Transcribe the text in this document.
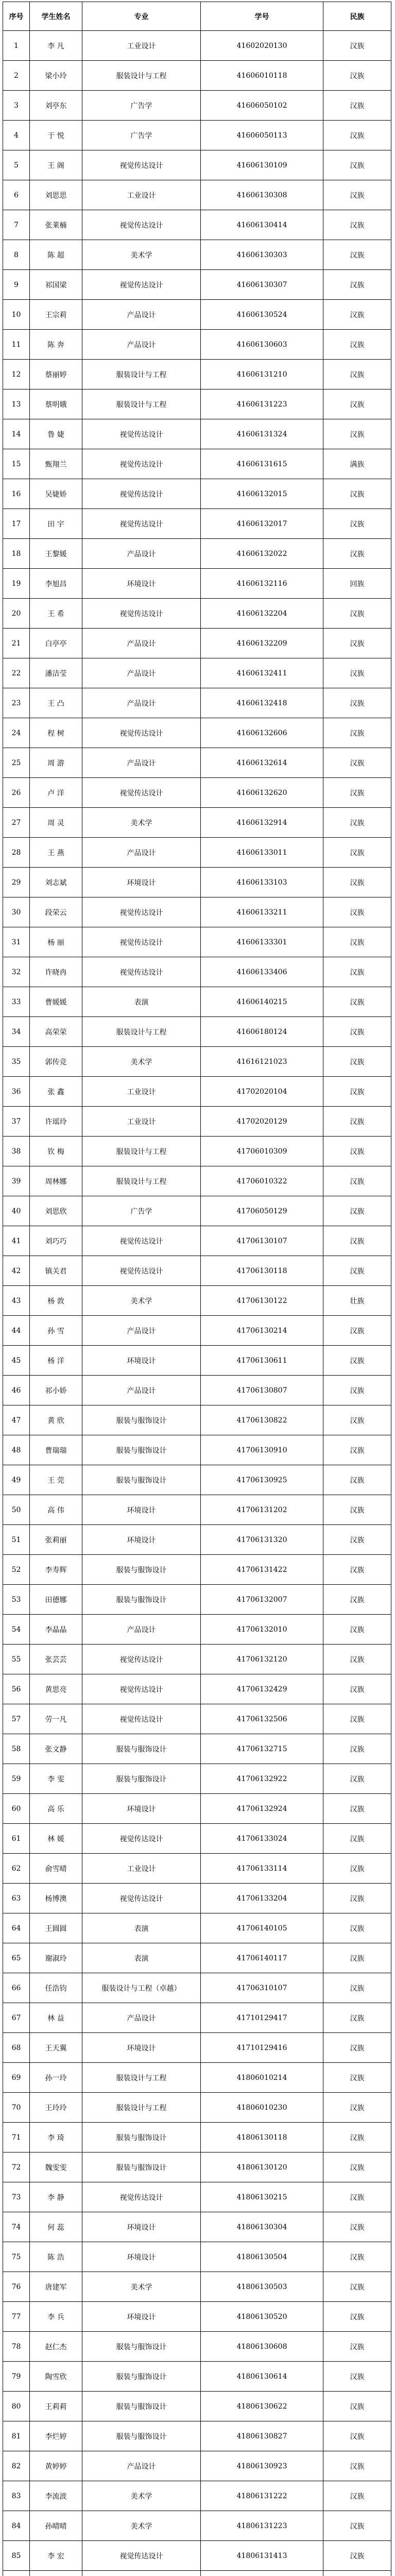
序号	学生姓名	专业	学号	民族
1	李 凡	工业设计	41602020130	汉族
2	梁小玲	服装设计与工程	41606010118	汉族
3	刘亭东	广告学	41606050102	汉族
4	于 悦	广告学	41606050113	汉族
5	王 阁	视觉传达设计	41606130109	汉族
6	刘思思	工业设计	41606130308	汉族
7	张莱楠	视觉传达设计	41606130414	汉族
8	陈 超	美术学	41606130303	汉族
9	祁国梁	视觉传达设计	41606130307	汉族
10	王宗莉	产品设计	41606130524	汉族
11	陈 奔	产品设计	41606130603	汉族
12	蔡丽婷	服装设计与工程	41606131210	汉族
13	蔡明娥	服装设计与工程	41606131223	汉族
14	鲁 婕	视觉传达设计	41606131324	汉族
15	甄翔兰	视觉传达设计	41606131615	满族
16	吴婕娇	视觉传达设计	41606132015	汉族
17	田 宇	视觉传达设计	41606132017	汉族
18	王黎媛	产品设计	41606132022	汉族
19	李旭昌	环境设计	41606132116	回族
20	王 希	视觉传达设计	41606132204	汉族
21	白亭亭	产品设计	41606132209	汉族
22	潘洁莹	产品设计	41606132411	汉族
23	王 凸	产品设计	41606132418	汉族
24	程 树	视觉传达设计	41606132606	汉族
25	周 游	产品设计	41606132614	汉族
26	卢 洋	视觉传达设计	41606132620	汉族
27	周 灵	美术学	41606132914	汉族
28	王 燕	产品设计	41606133011	汉族
29	刘志斌	环境设计	41606133103	汉族
30	段荣云	视觉传达设计	41606133211	汉族
31	杨 丽	视觉传达设计	41606133301	汉族
32	许晓冉	视觉传达设计	41606133406	汉族
33	曹媛媛	表演	41606140215	汉族
34	高荣荣	服装设计与工程	41606180124	汉族
35	郭传竞	美术学	41616121023	汉族
36	张 鑫	工业设计	41702020104	汉族
37	许瑶玲	工业设计	41702020129	汉族
38	钦 梅	服装设计与工程	41706010309	汉族
39	周林娜	服装设计与工程	41706010322	汉族
40	刘思欣	广告学	41706050129	汉族
41	刘巧巧	视觉传达设计	41706130107	汉族
42	镇关君	视觉传达设计	41706130118	汉族
43	杨 敦	美术学	41706130122	壮族
44	孙 雪	产品设计	41706130214	汉族
45	杨 洋	环境设计	41706130611	汉族
46	祁小娇	产品设计	41706130807	汉族
47	黄 欣	服装与服饰设计	41706130822	汉族
48	曹瑞瑞	服装与服饰设计	41706130910	汉族
49	王 莞	服装与服饰设计	41706130925	汉族
50	高 伟	环境设计	41706131202	汉族
51	张莉丽	环境设计	41706131320	汉族
52	李寿辉	服装与服饰设计	41706131422	汉族
53	田德娜	服装与服饰设计	41706132007	汉族
54	李晶晶	产品设计	41706132010	汉族
55	张芸芸	视觉传达设计	41706132120	汉族
56	黄思亮	视觉传达设计	41706132429	汉族
57	劳一凡	视觉传达设计	41706132506	汉族
58	张文静	服装与服饰设计	41706132715	汉族
59	李 雯	服装与服饰设计	41706132922	汉族
60	高 乐	环境设计	41706132924	汉族
61	林 媛	视觉传达设计	41706133024	汉族
62	俞雪晴	工业设计	41706133114	汉族
63	杨博澳	视觉传达设计	41706133204	汉族
64	王圆圆	表演	41706140105	汉族
65	谢淑玲	表演	41706140117	汉族
66	任浩钧	服装设计与工程（卓越）	41706310107	汉族
67	林 益	产品设计	41710129417	汉族
68	王天翼	环境设计	41710129416	汉族
69	孙一玲	服装设计与工程	41806010214	汉族
70	王玲玲	服装设计与工程	41806010230	汉族
71	李 琦	服装与服饰设计	41806130118	汉族
72	魏雯雯	服装与服饰设计	41806130120	汉族
73	李 静	视觉传达设计	41806130215	汉族
74	何 蕊	环境设计	41806130304	汉族
75	陈 浩	环境设计	41806130504	汉族
76	唐建军	美术学	41806130503	汉族
77	李 兵	环境设计	41806130520	汉族
78	赵仁杰	服装与服饰设计	41806130608	汉族
79	陶雪欣	服装与服饰设计	41806130614	汉族
80	王莉莉	服装与服饰设计	41806130622	汉族
81	李烂婷	服装与服饰设计	41806130827	汉族
82	黄婷婷	产品设计	41806130923	汉族
83	李流波	美术学	41806131222	汉族
84	孙晴晴	美术学	41806131223	汉族
85	李 宏	视觉传达设计	41806131413	汉族
